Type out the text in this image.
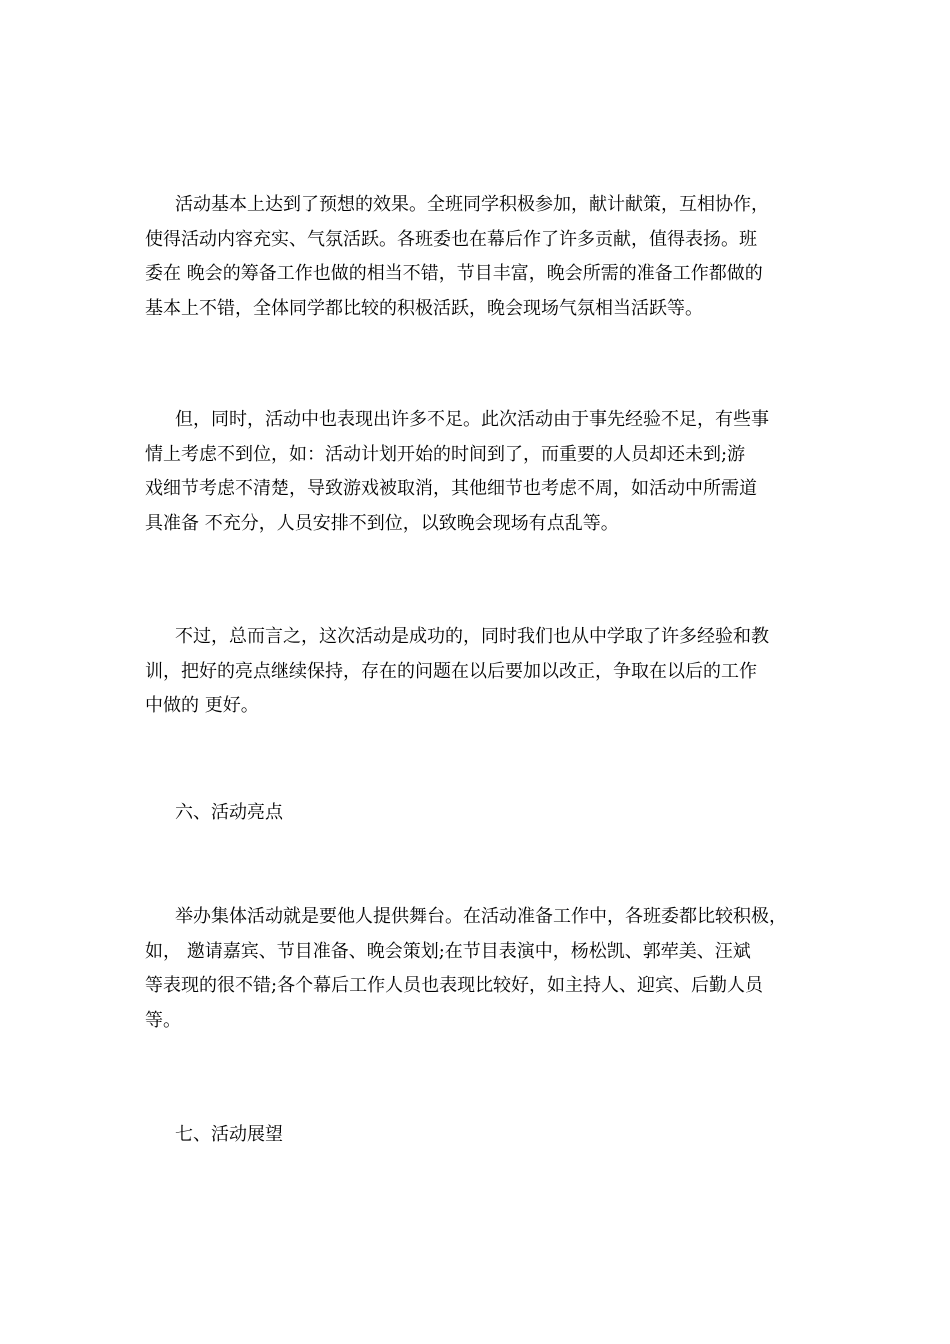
活动基本上达到了预想的效果。全班同学积极参加，献计献策，互相协作，
使得活动内容充实、气氛活跃。各班委也在幕后作了许多贡献，值得表扬。班
委在 晚会的筹备工作也做的相当不错，节目丰富，晚会所需的准备工作都做的
基本上不错，全体同学都比较的积极活跃，晚会现场气氛相当活跃等。

但，同时，活动中也表现出许多不足。此次活动由于事先经验不足，有些事
情上考虑不到位，如：活动计划开始的时间到了，而重要的人员却还未到;游
戏细节考虑不清楚，导致游戏被取消，其他细节也考虑不周，如活动中所需道
具准备 不充分，人员安排不到位，以致晚会现场有点乱等。

不过，总而言之，这次活动是成功的，同时我们也从中学取了许多经验和教
训，把好的亮点继续保持，存在的问题在以后要加以改正，争取在以后的工作
中做的 更好。

六、活动亮点

举办集体活动就是要他人提供舞台。在活动准备工作中，各班委都比较积极，
如， 邀请嘉宾、节目准备、晚会策划;在节目表演中，杨松凯、郭荦美、汪斌
等表现的很不错;各个幕后工作人员也表现比较好，如主持人、迎宾、后勤人员
等。

七、活动展望
